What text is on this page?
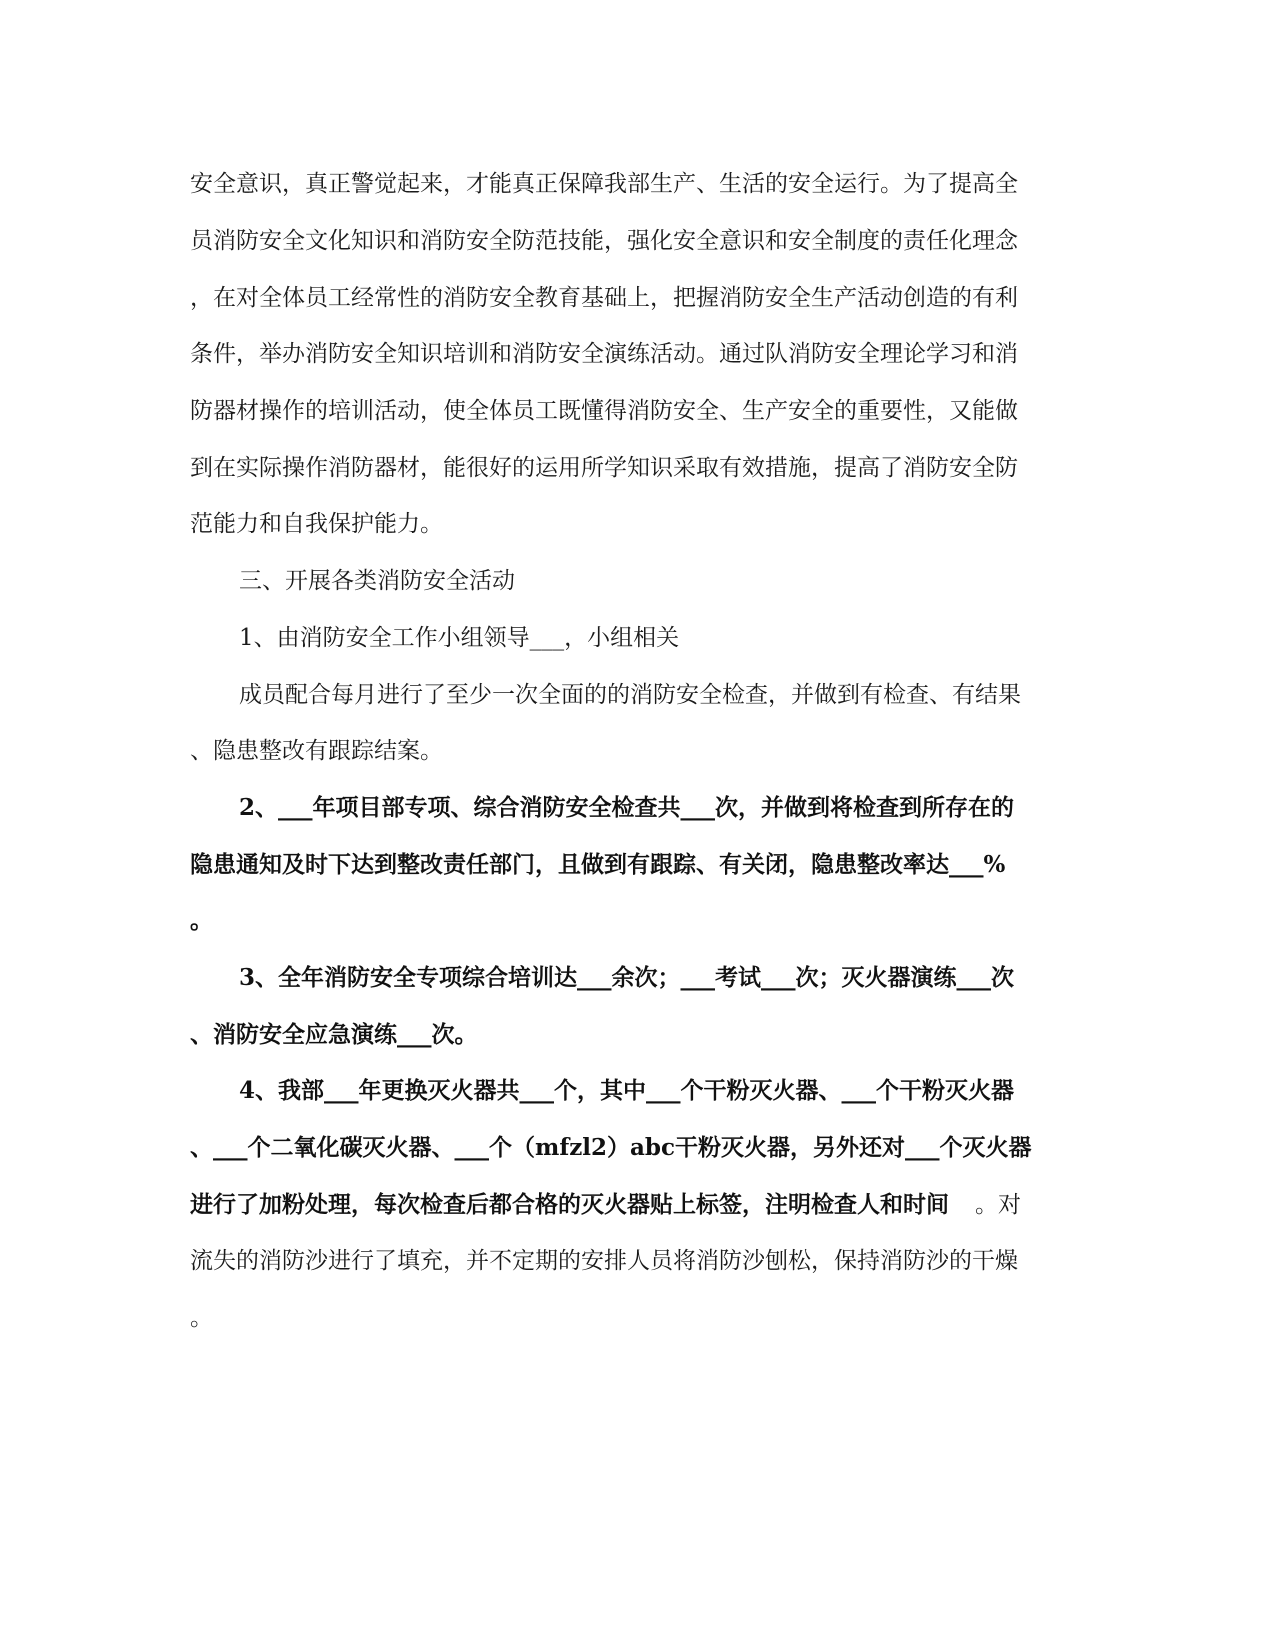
安全意识，真正警觉起来，才能真正保障我部生产、生活的安全运行。为了提高全
员消防安全文化知识和消防安全防范技能，强化安全意识和安全制度的责任化理念
，在对全体员工经常性的消防安全教育基础上，把握消防安全生产活动创造的有利
条件，举办消防安全知识培训和消防安全演练活动。通过队消防安全理论学习和消
防器材操作的培训活动，使全体员工既懂得消防安全、生产安全的重要性，又能做
到在实际操作消防器材，能很好的运用所学知识采取有效措施，提高了消防安全防
范能力和自我保护能力。
三、开展各类消防安全活动
1、由消防安全工作小组领导___，小组相关
成员配合每月进行了至少一次全面的的消防安全检查，并做到有检查、有结果
、隐患整改有跟踪结案。
2、___年项目部专项、综合消防安全检查共___次，并做到将检查到所存在的
隐患通知及时下达到整改责任部门，且做到有跟踪、有关闭，隐患整改率达___%
。
3、全年消防安全专项综合培训达___余次；___考试___次；灭火器演练___次
、消防安全应急演练___次。
4、我部___年更换灭火器共___个，其中___个干粉灭火器、___个干粉灭火器
、___个二氧化碳灭火器、___个（mfzl2）abc干粉灭火器，另外还对___个灭火器
进行了加粉处理，每次检查后都合格的灭火器贴上标签，注明检查人和时间	。对
流失的消防沙进行了填充，并不定期的安排人员将消防沙刨松，保持消防沙的干燥
。
